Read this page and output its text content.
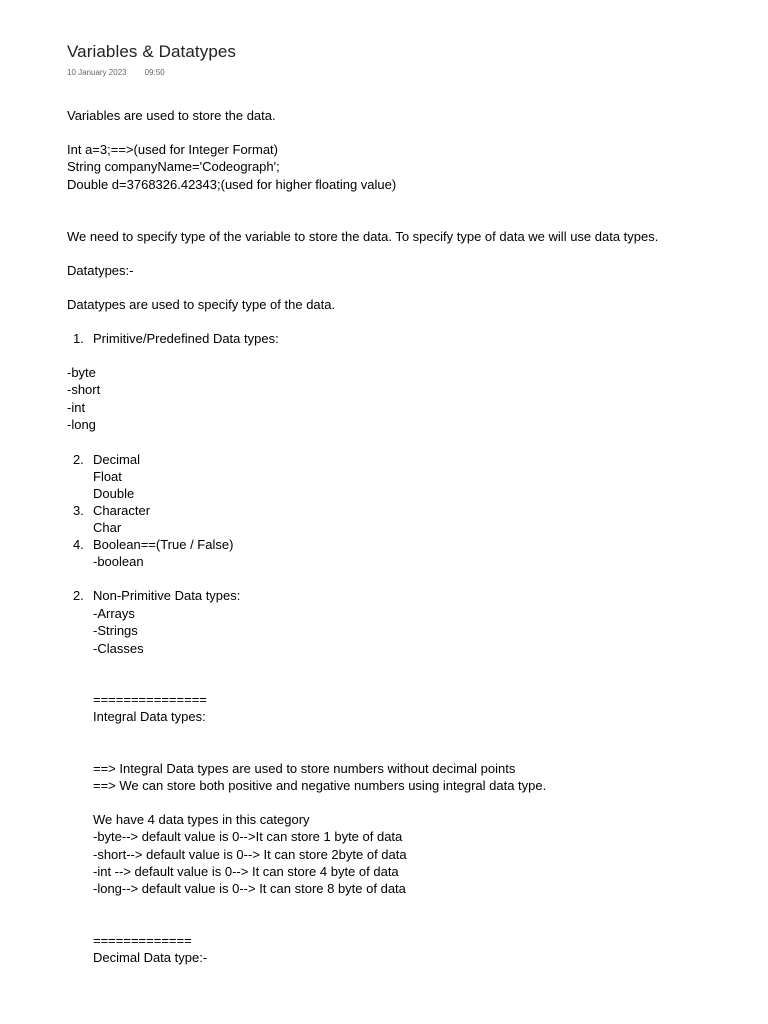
Variables & Datatypes
10 January 2023 09:50
Variables are used to store the data.
Int a=3;==>(used for Integer Format)
String companyName='Codeograph';
Double d=3768326.42343;(used for higher floating value)
We need to specify type of the variable to store the data. To specify type of data we will use data types.
Datatypes:-
Datatypes are used to specify type of the data.
1. Primitive/Predefined Data types:
-byte
-short
-int
-long
2. Decimal
Float
Double
3. Character
Char
4. Boolean==(True / False)
-boolean
2. Non-Primitive Data types:
-Arrays
-Strings
-Classes
===============
Integral Data types:
==> Integral Data types are used to store numbers without decimal points
==> We can store both positive and negative numbers using integral data type.
We have 4 data types in this category
-byte--> default value is 0-->It can store 1 byte of data
-short--> default value is 0--> It can store 2byte of data
-int --> default value is 0--> It can store 4 byte of data
-long--> default value is 0--> It can store 8 byte of data
=============
Decimal Data type:-
